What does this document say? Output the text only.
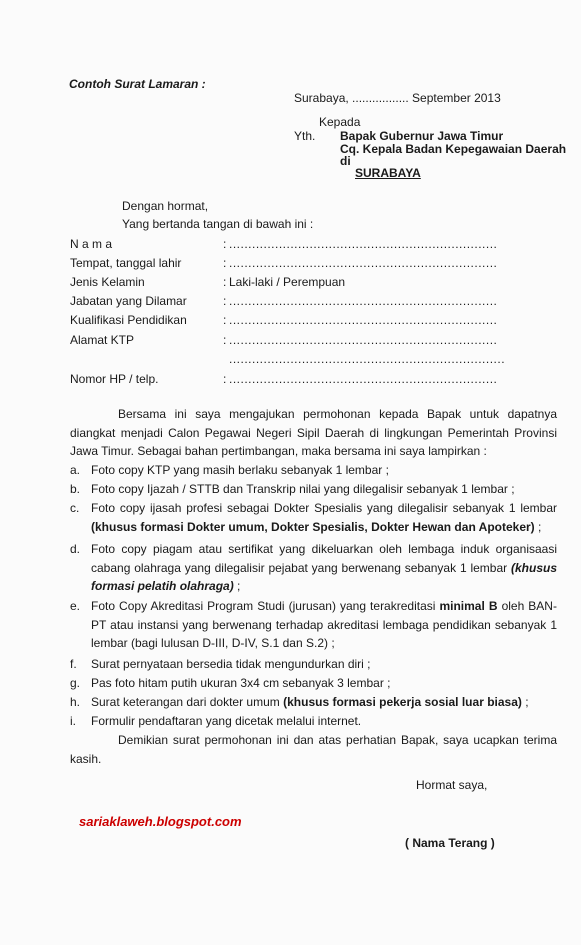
Contoh Surat Lamaran :
Surabaya, ................. September 2013
Kepada
Yth. Bapak Gubernur Jawa Timur
Cq. Kepala Badan Kepegawaian Daerah
di
SURABAYA
Dengan hormat,
Yang bertanda tangan di bawah ini :
N a m a	: ......................................................................
Tempat, tanggal lahir	: ......................................................................
Jenis Kelamin	: Laki-laki / Perempuan
Jabatan yang Dilamar	: ......................................................................
Kualifikasi Pendidikan	: ......................................................................
Alamat KTP	: ......................................................................
........................................................................
Nomor HP / telp.	: ......................................................................
Bersama ini saya mengajukan permohonan kepada Bapak untuk dapatnya diangkat menjadi Calon Pegawai Negeri Sipil Daerah di lingkungan Pemerintah Provinsi Jawa Timur. Sebagai bahan pertimbangan, maka bersama ini saya lampirkan :
a. Foto copy KTP yang masih berlaku sebanyak 1 lembar ;
b. Foto copy Ijazah / STTB dan Transkrip nilai yang dilegalisir sebanyak 1 lembar ;
c. Foto copy ijasah profesi sebagai Dokter Spesialis yang dilegalisir sebanyak 1 lembar (khusus formasi Dokter umum, Dokter Spesialis, Dokter Hewan dan Apoteker) ;
d. Foto copy piagam atau sertifikat yang dikeluarkan oleh lembaga induk organisaasi cabang olahraga yang dilegalisir pejabat yang berwenang sebanyak 1 lembar (khusus formasi pelatih olahraga) ;
e. Foto Copy Akreditasi Program Studi (jurusan) yang terakreditasi minimal B oleh BAN-PT atau instansi yang berwenang terhadap akreditasi lembaga pendidikan sebanyak 1 lembar (bagi lulusan D-III, D-IV, S.1 dan S.2) ;
f. Surat pernyataan bersedia tidak mengundurkan diri ;
g. Pas foto hitam putih ukuran 3x4 cm sebanyak 3 lembar ;
h. Surat keterangan dari dokter umum (khusus formasi pekerja sosial luar biasa) ;
i. Formulir pendaftaran yang dicetak melalui internet.
Demikian surat permohonan ini dan atas perhatian Bapak, saya ucapkan terima kasih.
Hormat saya,
sariaklaweh.blogspot.com
( Nama Terang )
